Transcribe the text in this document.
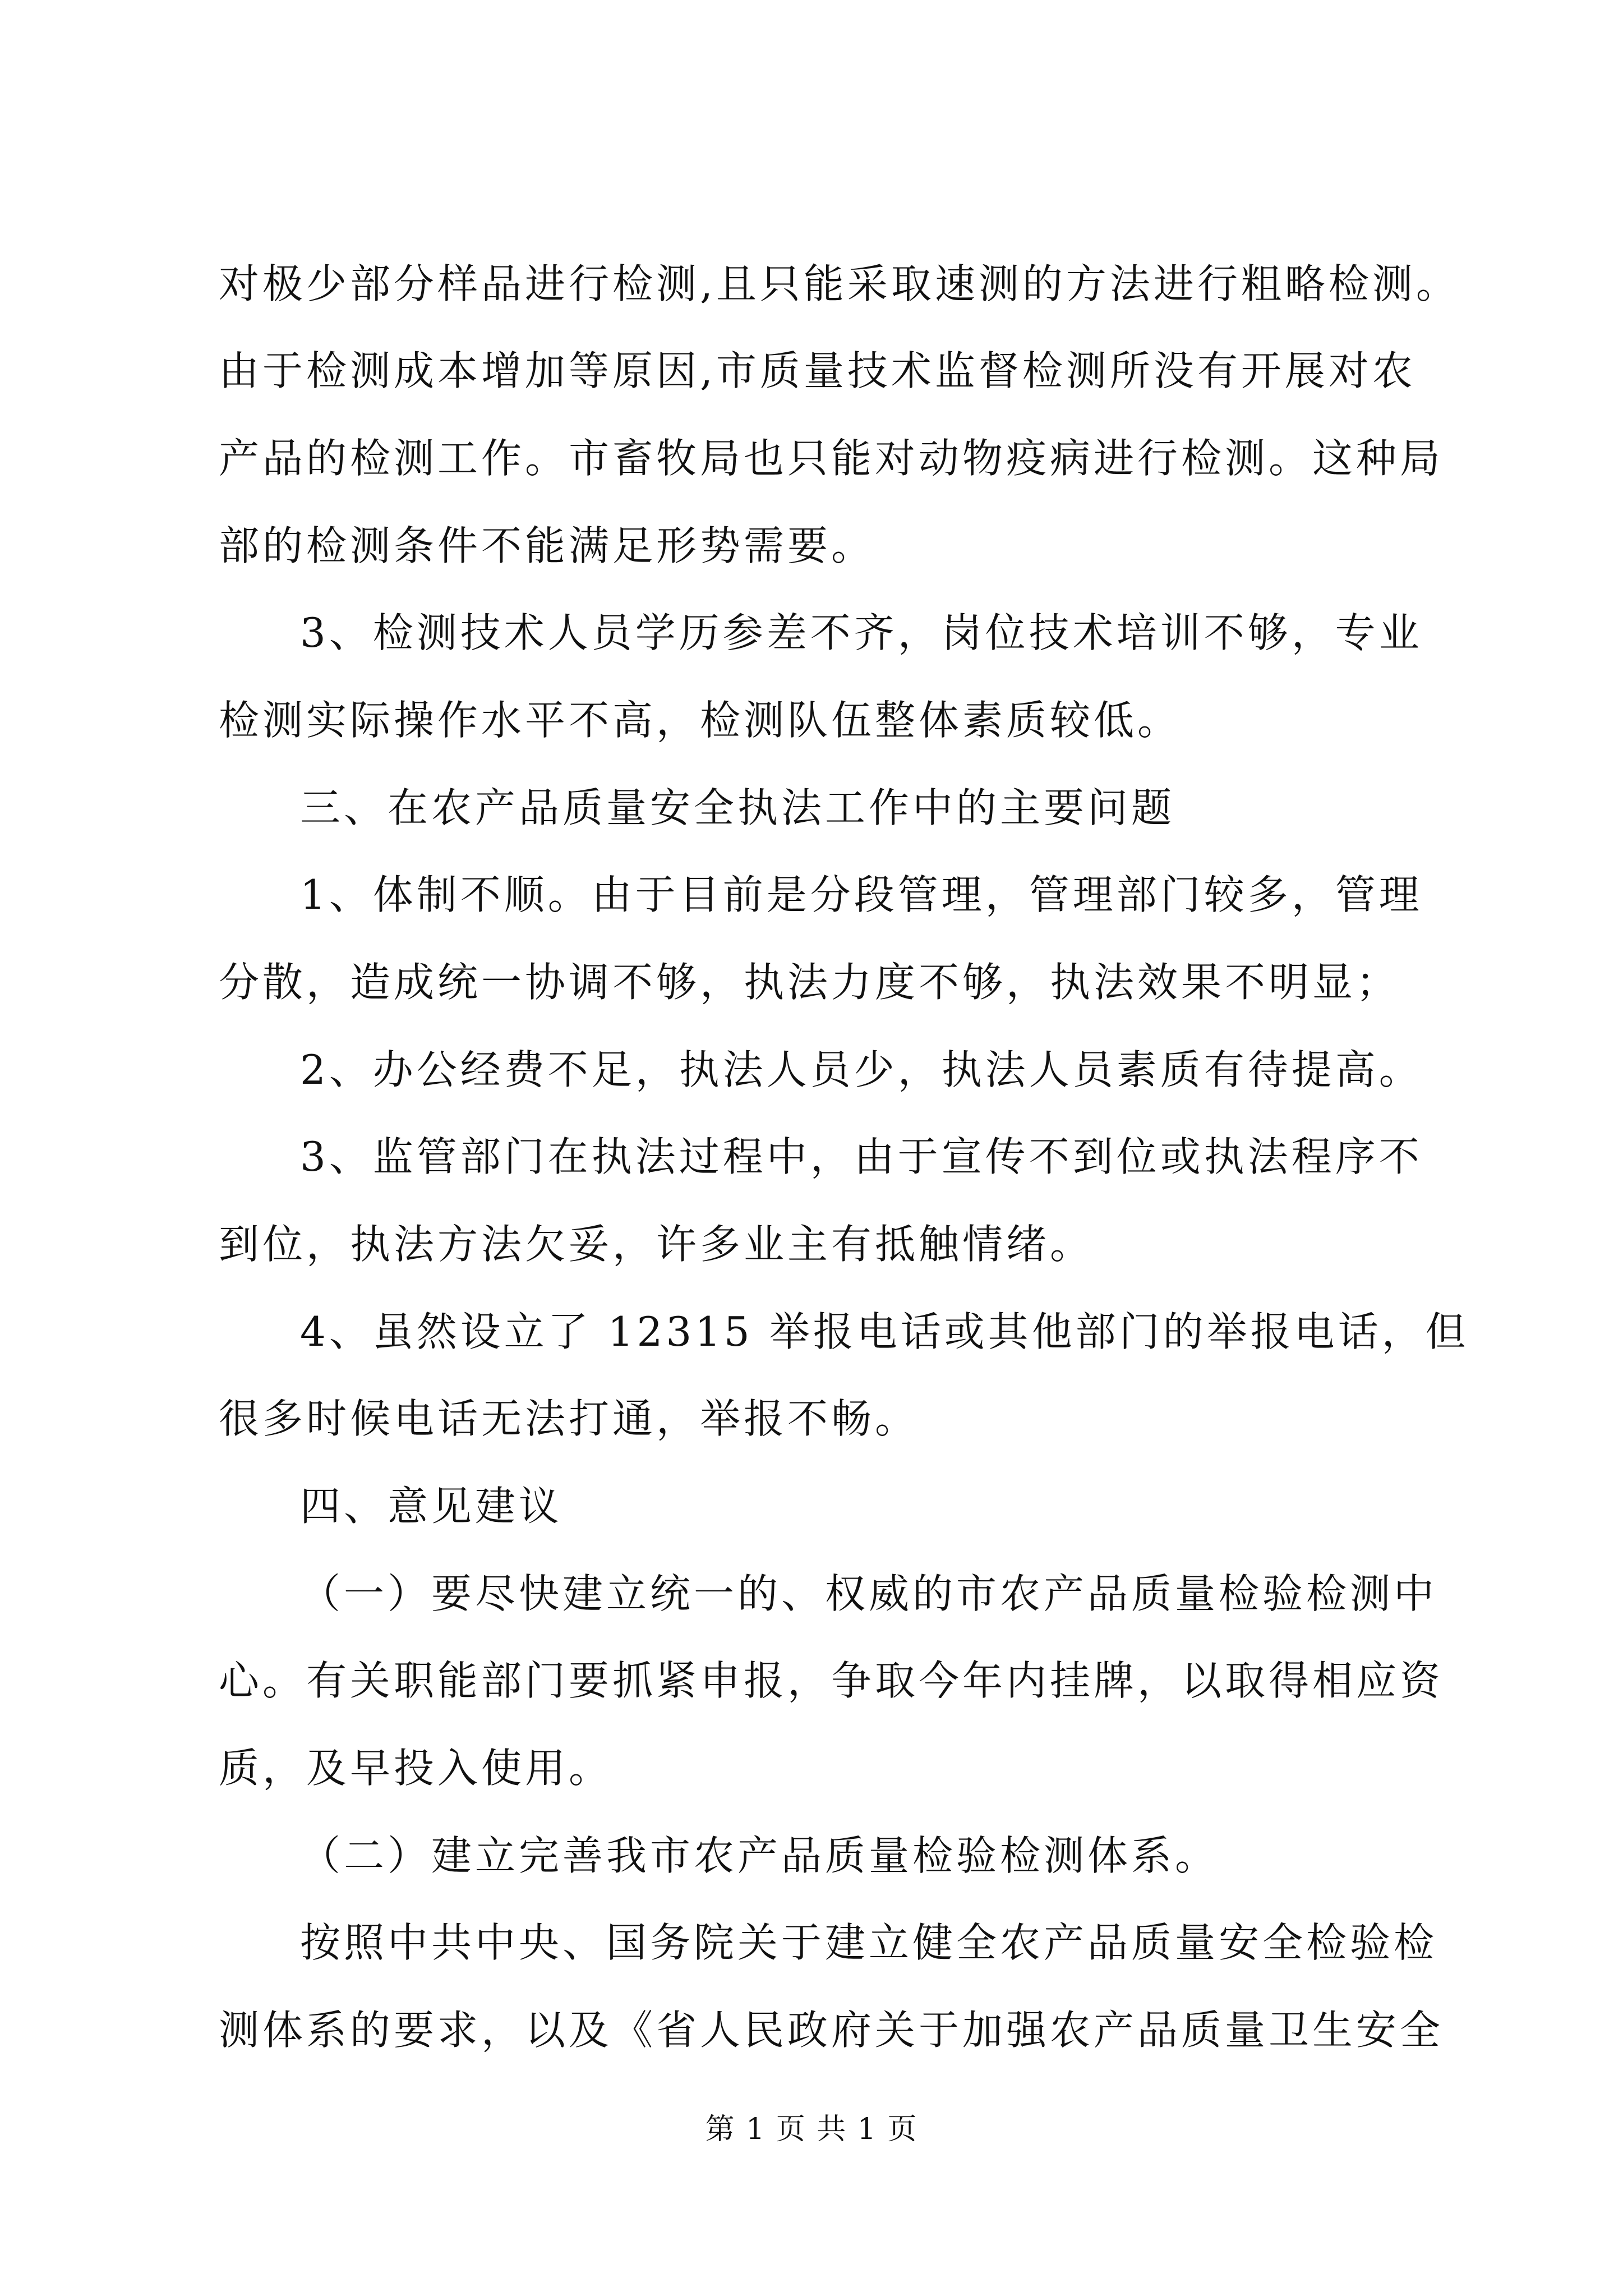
对极少部分样品进行检测,且只能采取速测的方法进行粗略检测。
由于检测成本增加等原因,市质量技术监督检测所没有开展对农
产品的检测工作。市畜牧局也只能对动物疫病进行检测。这种局
部的检测条件不能满足形势需要。
3、检测技术人员学历参差不齐，岗位技术培训不够，专业
检测实际操作水平不高，检测队伍整体素质较低。
三、在农产品质量安全执法工作中的主要问题
1、体制不顺。由于目前是分段管理，管理部门较多，管理
分散，造成统一协调不够，执法力度不够，执法效果不明显；
2、办公经费不足，执法人员少，执法人员素质有待提高。
3、监管部门在执法过程中，由于宣传不到位或执法程序不
到位，执法方法欠妥，许多业主有抵触情绪。
4、虽然设立了 12315 举报电话或其他部门的举报电话，但
很多时候电话无法打通，举报不畅。
四、意见建议
（一）要尽快建立统一的、权威的市农产品质量检验检测中
心。有关职能部门要抓紧申报，争取今年内挂牌，以取得相应资
质，及早投入使用。
（二）建立完善我市农产品质量检验检测体系。
按照中共中央、国务院关于建立健全农产品质量安全检验检
测体系的要求，以及《省人民政府关于加强农产品质量卫生安全
第 1 页 共 1 页
